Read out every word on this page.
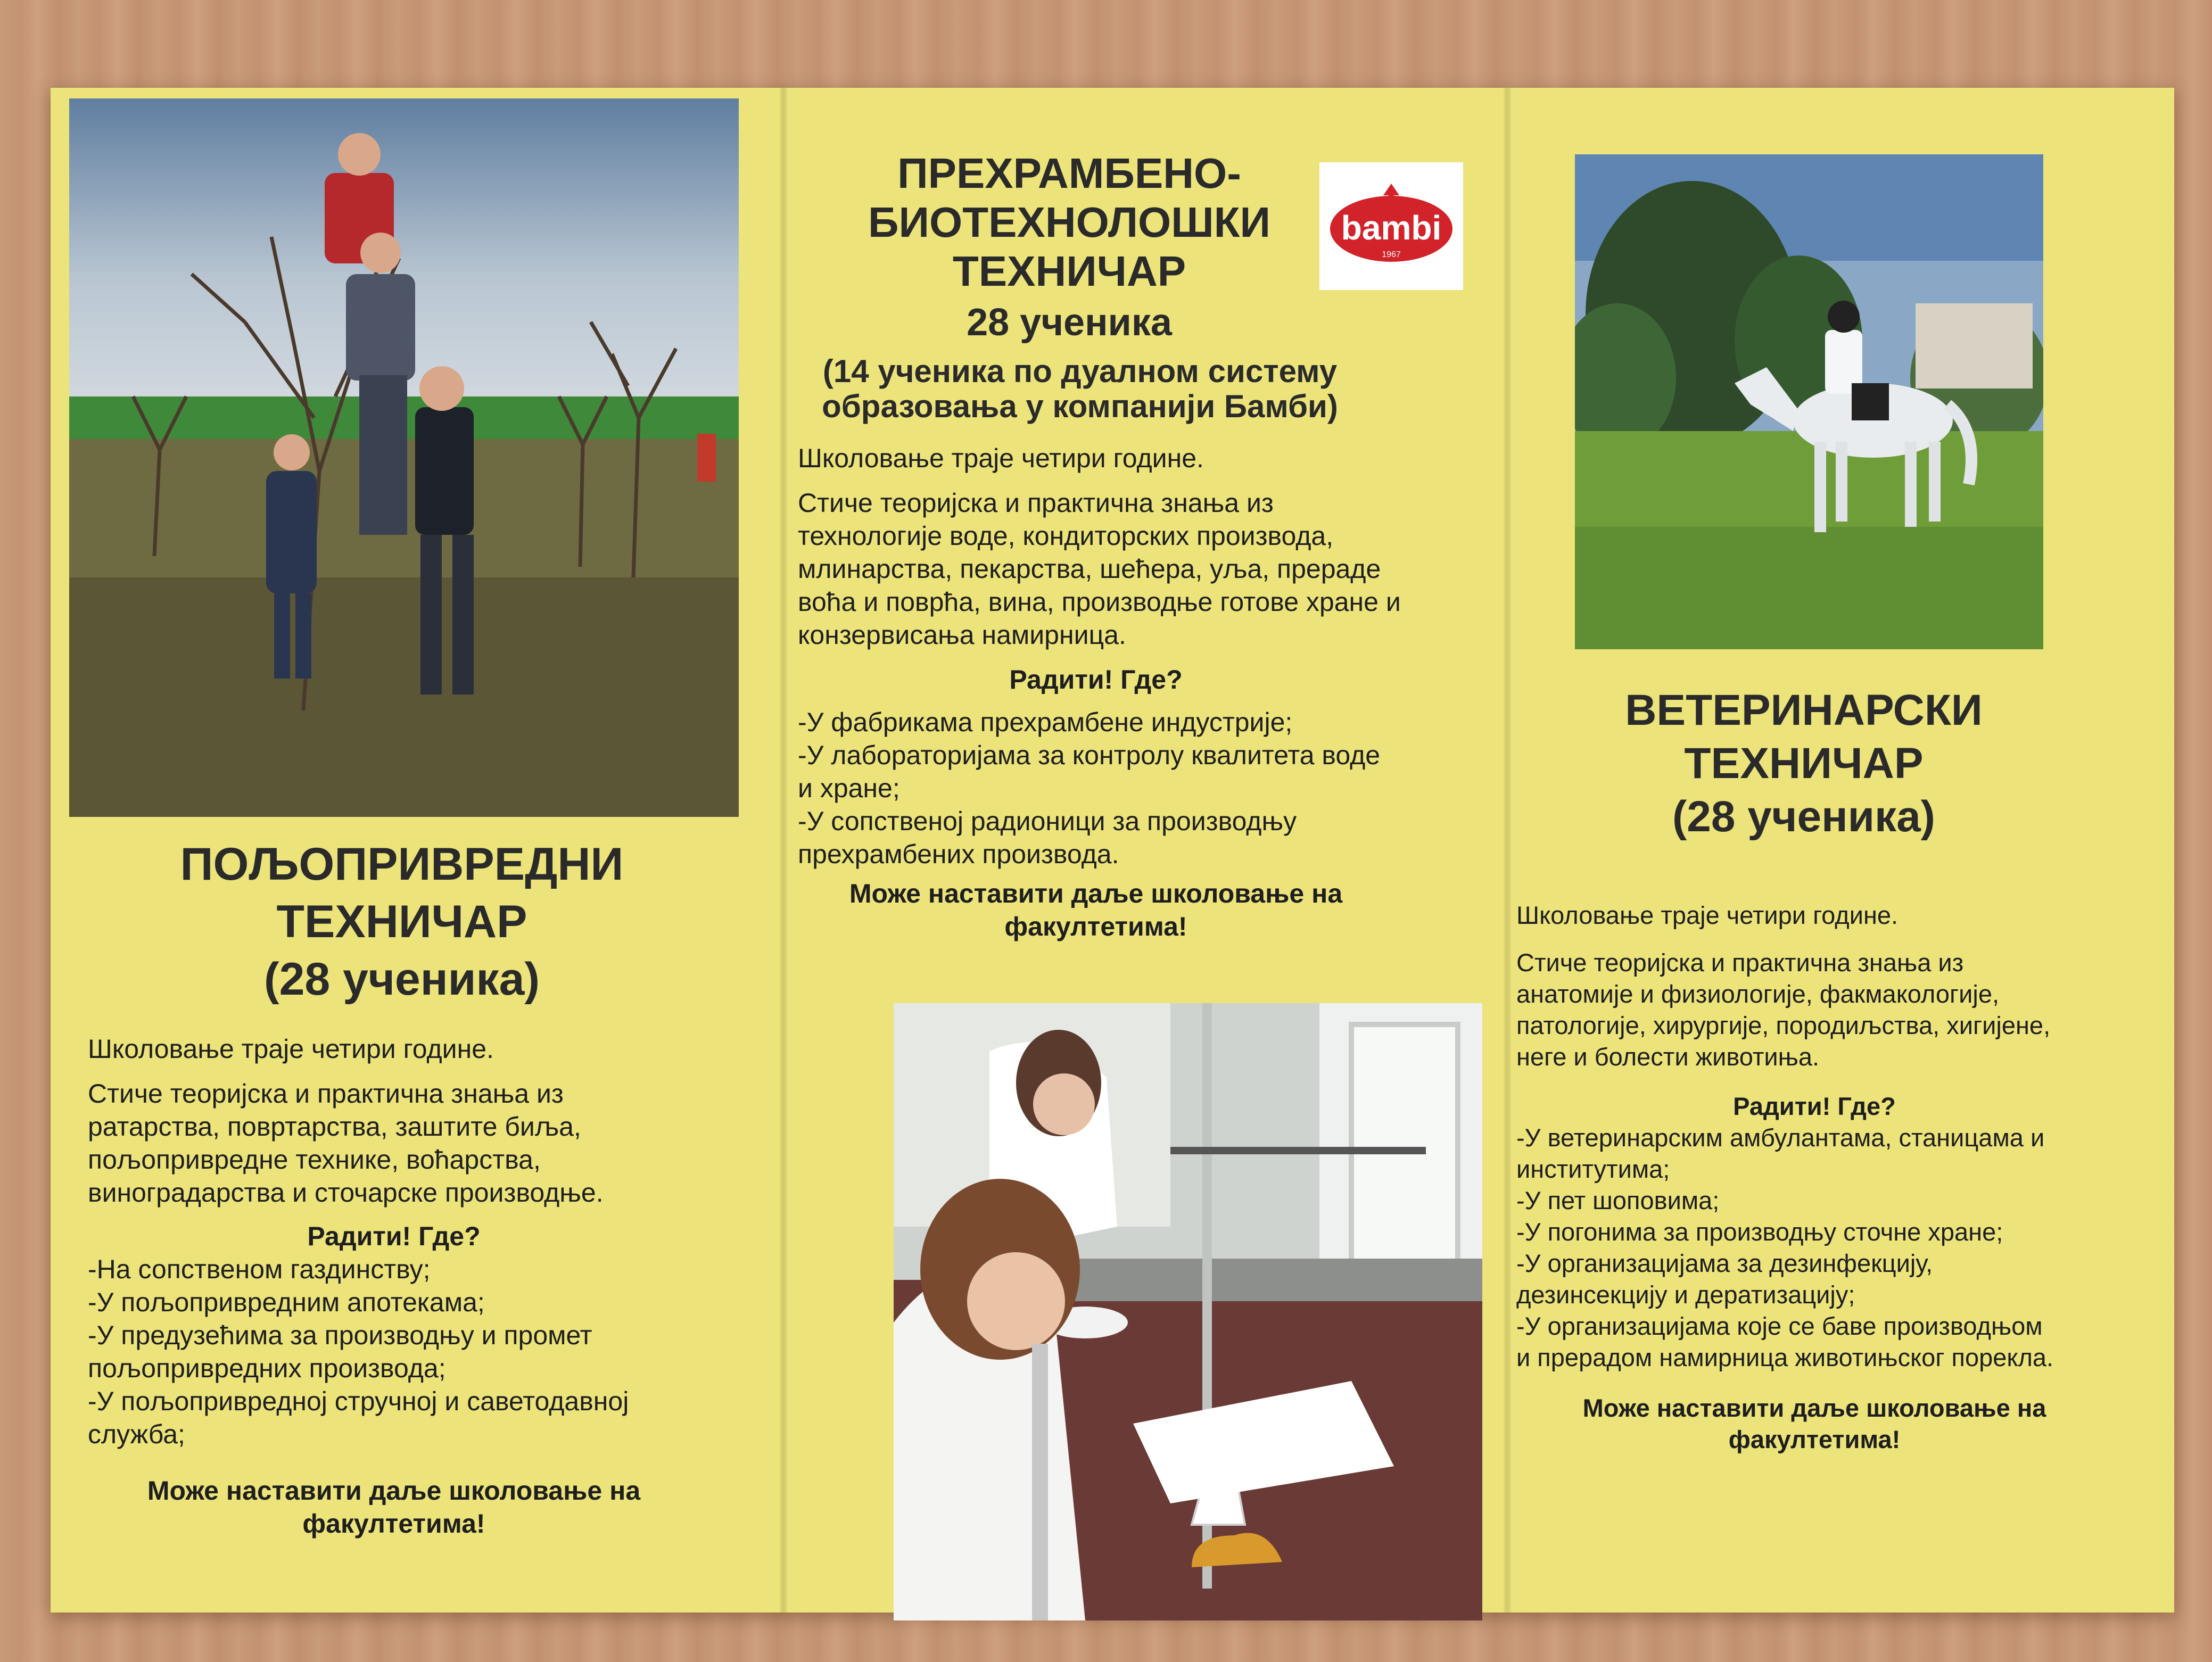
ПОЉОПРИВРЕДНИ
ТЕХНИЧАР
(28 ученика)

Школовање траје четири године.

Стиче теоријска и практична знања из
ратарства, повртарства, заштите биља,
пољопривредне технике, воћарства,
виноградарства и сточарске производње.

Радити! Где?

-На сопственом газдинству;
-У пољопривредним апотекама;
-У предузећима за производњу и промет
пољопривредних производа;
-У пољопривредној стручној и саветодавној
служба;
Може наставити даље школовање на
факултетима!
ПРЕХРАМБЕНО-
БИОТЕХНОЛОШКИ
ТЕХНИЧАР
28 ученика
(14 ученика по дуалном систему
образовања у компанији Бамби)
bambi
1967

Школовање траје четири године.

Стиче теоријска и практична знања из
технологије воде, кондиторских производа,
млинарства, пекарства, шећера, уља, прераде
воћа и поврћа, вина, производње готове хране и
конзервисања намирница.

Радити! Где?

-У фабрикама прехрамбене индустрије;
-У лабораторијама за контролу квалитета воде
и хране;
-У сопственој радионици за производњу
прехрамбених производа.
Може наставити даље школовање на
факултетима!
ВЕТЕРИНАРСКИ
ТЕХНИЧАР
(28 ученика)

Школовање траје четири године.

Стиче теоријска и практична знања из
анатомије и физиологије, факмакологије,
патологије, хирургије, породиљства, хигијене,
неге и болести животиња.

Радити! Где?

-У ветеринарским амбулантама, станицама и
институтима;
-У пет шоповима;
-У погонима за производњу сточне хране;
-У организацијама за дезинфекцију,
дезинсекцију и дератизацију;
-У организацијама које се баве производњом
и прерадом намирница животињског порекла.
Може наставити даље школовање на
факултетима!
